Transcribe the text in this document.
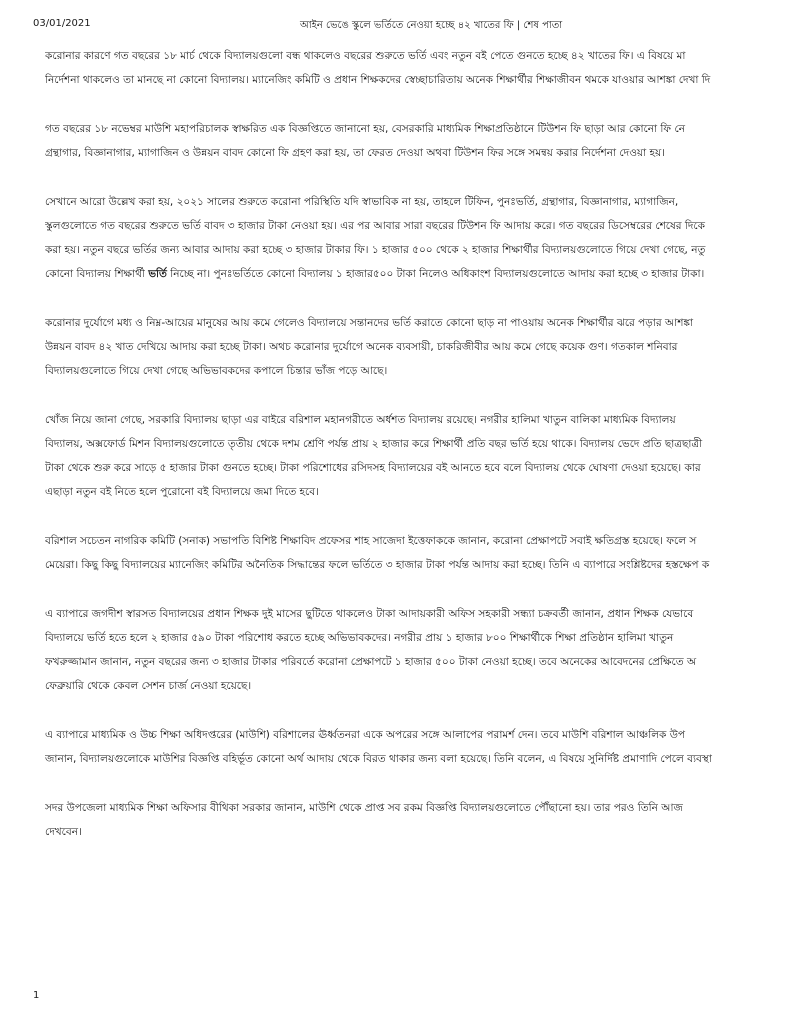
03/01/2021	আইন ভেঙে স্কুলে ভর্তিতে নেওয়া হচ্ছে ৪২ খাতের ফি | শেষ পাতা
করোনার কারণে গত বছরের ১৮ মার্চ থেকে বিদ্যালয়গুলো বন্ধ থাকলেও বছরের শুরুতে ভর্তি এবং নতুন বই পেতে গুনতে হচ্ছে ৪২ খাতের ফি। এ বিষয়ে মা
নির্দেশনা থাকলেও তা মানছে না কোনো বিদ্যালয়। ম্যানেজিং কমিটি ও প্রধান শিক্ষকদের স্বেচ্ছাচারিতায় অনেক শিক্ষার্থীর শিক্ষাজীবন থমকে যাওয়ার আশঙ্কা দেখা দি
গত বছরের ১৮ নভেম্বর মাউশি মহাপরিচালক স্বাক্ষরিত এক বিজ্ঞপ্তিতে জানানো হয়, বেসরকারি মাধ্যমিক শিক্ষাপ্রতিষ্ঠানে টিউশন ফি ছাড়া আর কোনো ফি নে
গ্রন্থাগার, বিজ্ঞানাগার, ম্যাগাজিন ও উন্নয়ন বাবদ কোনো ফি গ্রহণ করা হয়, তা ফেরত দেওয়া অথবা টিউশন ফির সঙ্গে সমন্বয় করার নির্দেশনা দেওয়া হয়।
সেখানে আরো উল্লেখ করা হয়, ২০২১ সালের শুরুতে করোনা পরিস্থিতি যদি স্বাভাবিক না হয়, তাহলে টিফিন, পুনঃভর্তি, গ্রন্থাগার, বিজ্ঞানাগার, ম্যাগাজিন,
স্কুলগুলোতে গত বছরের শুরুতে ভর্তি বাবদ ৩ হাজার টাকা নেওয়া হয়। এর পর আবার সারা বছরের টিউশন ফি আদায় করে। গত বছরের ডিসেম্বরের শেষের দিকে
করা হয়। নতুন বছরে ভর্তির জন্য আবার আদায় করা হচ্ছে ৩ হাজার টাকার ফি। ১ হাজার ৫০০ থেকে ২ হাজার শিক্ষার্থীর বিদ্যালয়গুলোতে গিয়ে দেখা গেছে, নতু
কোনো বিদ্যালয় শিক্ষার্থী ভর্তি নিচ্ছে না। পুনঃভর্তিতে কোনো বিদ্যালয় ১ হাজার৫০০ টাকা নিলেও অধিকাংশ বিদ্যালয়গুলোতে আদায় করা হচ্ছে ৩ হাজার টাকা।
করোনার দুর্যোগে মধ্য ও নিম্ন-আয়ের মানুষের আয় কমে গেলেও বিদ্যালয়ে সন্তানদের ভর্তি করাতে কোনো ছাড় না পাওয়ায় অনেক শিক্ষার্থীর ঝরে পড়ার আশঙ্কা
উন্নয়ন বাবদ ৪২ খাত দেখিয়ে আদায় করা হচ্ছে টাকা। অথচ করোনার দুর্যোগে অনেক ব্যবসায়ী, চাকরিজীবীর আয় কমে গেছে কয়েক গুণ। গতকাল শনিবার
বিদ্যালয়গুলোতে গিয়ে দেখা গেছে অভিভাবকদের কপালে চিন্তার ভাঁজ পড়ে আছে।
খোঁজ নিয়ে জানা গেছে, সরকারি বিদ্যালয় ছাড়া এর বাইরে বরিশাল মহানগরীতে অর্ধশত বিদ্যালয় রয়েছে। নগরীর হালিমা খাতুন বালিকা মাধ্যমিক বিদ্যালয়
বিদ্যালয়, অক্সফোর্ড মিশন বিদ্যালয়গুলোতে তৃতীয় থেকে দশম শ্রেণি পর্যন্ত প্রায় ২ হাজার করে শিক্ষার্থী প্রতি বছর ভর্তি হয়ে থাকে। বিদ্যালয় ভেদে প্রতি ছাত্রছাত্রী
টাকা থেকে শুরু করে সাড়ে ৫ হাজার টাকা গুনতে হচ্ছে। টাকা পরিশোধের রসিদসহ বিদ্যালয়ের বই আনতে হবে বলে বিদ্যালয় থেকে ঘোষণা দেওয়া হয়েছে। কার
এছাড়া নতুন বই নিতে হলে পুরোনো বই বিদ্যালয়ে জমা দিতে হবে।
বরিশাল সচেতন নাগরিক কমিটি (সনাক) সভাপতি বিশিষ্ট শিক্ষাবিদ প্রফেসর শাহ সাজেদা ইত্তেফাককে জানান, করোনা প্রেক্ষাপটে সবাই ক্ষতিগ্রস্ত হয়েছে। ফলে স
মেয়েরা। কিছু কিছু বিদ্যালয়ের ম্যানেজিং কমিটির অনৈতিক সিদ্ধান্তের ফলে ভর্তিতে ৩ হাজার টাকা পর্যন্ত আদায় করা হচ্ছে। তিনি এ ব্যাপারে সংশ্লিষ্টদের হস্তক্ষেপ ক
এ ব্যাপারে জগদীশ স্বারসত বিদ্যালয়ের প্রধান শিক্ষক দুই মাসের ছুটিতে থাকলেও টাকা আদায়কারী অফিস সহকারী সন্ধ্যা চক্রবর্তী জানান, প্রধান শিক্ষক যেভাবে
বিদ্যালয়ে ভর্তি হতে হলে ২ হাজার ৫৯০ টাকা পরিশোধ করতে হচ্ছে অভিভাবকদের। নগরীর প্রায় ১ হাজার ৮০০ শিক্ষার্থীকে শিক্ষা প্রতিষ্ঠান হালিমা খাতুন
ফখরুজ্জামান জানান, নতুন বছরের জন্য ৩ হাজার টাকার পরিবর্তে করোনা প্রেক্ষাপটে ১ হাজার ৫০০ টাকা নেওয়া হচ্ছে। তবে অনেকের আবেদনের প্রেক্ষিতে অ
ফেব্রুয়ারি থেকে কেবল সেশন চার্জ নেওয়া হয়েছে।
এ ব্যাপারে মাধ্যমিক ও উচ্চ শিক্ষা অধিদপ্তরের (মাউশি) বরিশালের ঊর্ধ্বতনরা একে অপরের সঙ্গে আলাপের পরামর্শ দেন। তবে মাউশি বরিশাল আঞ্চলিক উপ
জানান, বিদ্যালয়গুলোকে মাউশির বিজ্ঞপ্তি বহির্ভূত কোনো অর্থ আদায় থেকে বিরত থাকার জন্য বলা হয়েছে। তিনি বলেন, এ বিষয়ে সুনির্দিষ্ট প্রমাণাদি পেলে ব্যবস্থা
সদর উপজেলা মাধ্যমিক শিক্ষা অফিসার বীথিকা সরকার জানান, মাউশি থেকে প্রাপ্ত সব রকম বিজ্ঞপ্তি বিদ্যালয়গুলোতে পৌঁছানো হয়। তার পরও তিনি আজ
দেখবেন।
1
